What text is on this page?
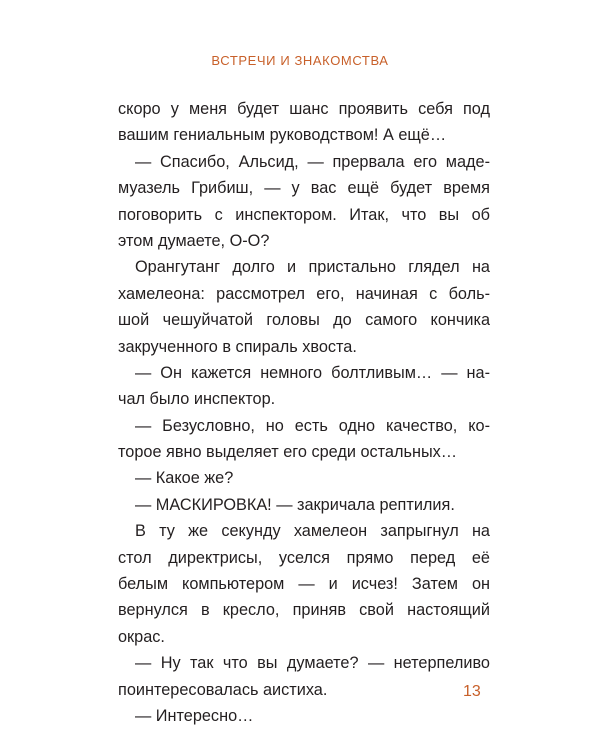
ВСТРЕЧИ И ЗНАКОМСТВА
скоро у меня будет шанс проявить себя под
вашим гениальным руководством! А ещё…
— Спасибо, Альсид, — прервала его маде-
муазель Грибиш, — у вас ещё будет время
поговорить с инспектором. Итак, что вы об
этом думаете, О-О?
Орангутанг долго и пристально глядел на
хамелеона: рассмотрел его, начиная с боль-
шой чешуйчатой головы до самого кончика
закрученного в спираль хвоста.
— Он кажется немного болтливым… — на-
чал было инспектор.
— Безусловно, но есть одно качество, ко-
торое явно выделяет его среди остальных…
— Какое же?
— МАСКИРОВКА! — закричала рептилия.
В ту же секунду хамелеон запрыгнул на
стол директрисы, уселся прямо перед её
белым компьютером — и исчез! Затем он
вернулся в кресло, приняв свой настоящий
окрас.
— Ну так что вы думаете? — нетерпеливо
поинтересовалась аистиха.
— Интересно…
13
